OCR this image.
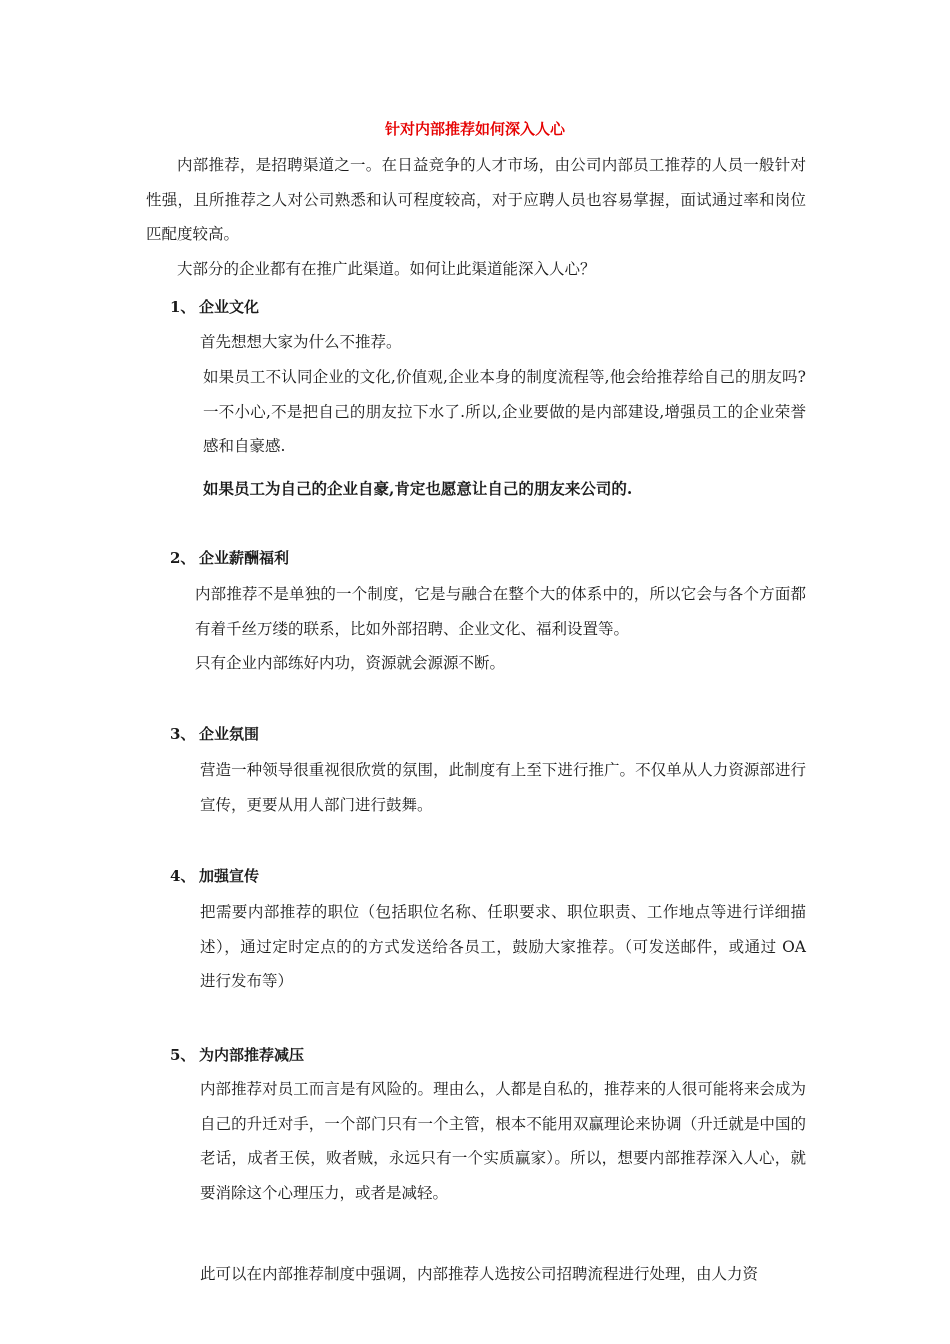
针对内部推荐如何深入人心

内部推荐，是招聘渠道之一。在日益竞争的人才市场，由公司内部员工推荐的人员一般针对性强，且所推荐之人对公司熟悉和认可程度较高，对于应聘人员也容易掌握，面试通过率和岗位匹配度较高。

大部分的企业都有在推广此渠道。如何让此渠道能深入人心？

1、 企业文化

首先想想大家为什么不推荐。

如果员工不认同企业的文化,价值观,企业本身的制度流程等,他会给推荐给自己的朋友吗?一不小心,不是把自己的朋友拉下水了.所以,企业要做的是内部建设,增强员工的企业荣誉感和自豪感.

如果员工为自己的企业自豪,肯定也愿意让自己的朋友来公司的.

2、 企业薪酬福利

内部推荐不是单独的一个制度，它是与融合在整个大的体系中的，所以它会与各个方面都有着千丝万缕的联系，比如外部招聘、企业文化、福利设置等。

只有企业内部练好内功，资源就会源源不断。

3、 企业氛围

营造一种领导很重视很欣赏的氛围，此制度有上至下进行推广。不仅单从人力资源部进行宣传，更要从用人部门进行鼓舞。

4、 加强宣传

把需要内部推荐的职位（包括职位名称、任职要求、职位职责、工作地点等进行详细描述），通过定时定点的的方式发送给各员工，鼓励大家推荐。（可发送邮件，或通过 OA 进行发布等）

5、 为内部推荐减压

内部推荐对员工而言是有风险的。理由么，人都是自私的，推荐来的人很可能将来会成为自己的升迁对手，一个部门只有一个主管，根本不能用双赢理论来协调（升迁就是中国的老话，成者王侯，败者贼，永远只有一个实质赢家）。所以，想要内部推荐深入人心，就要消除这个心理压力，或者是减轻。

此可以在内部推荐制度中强调，内部推荐人选按公司招聘流程进行处理，由人力资
